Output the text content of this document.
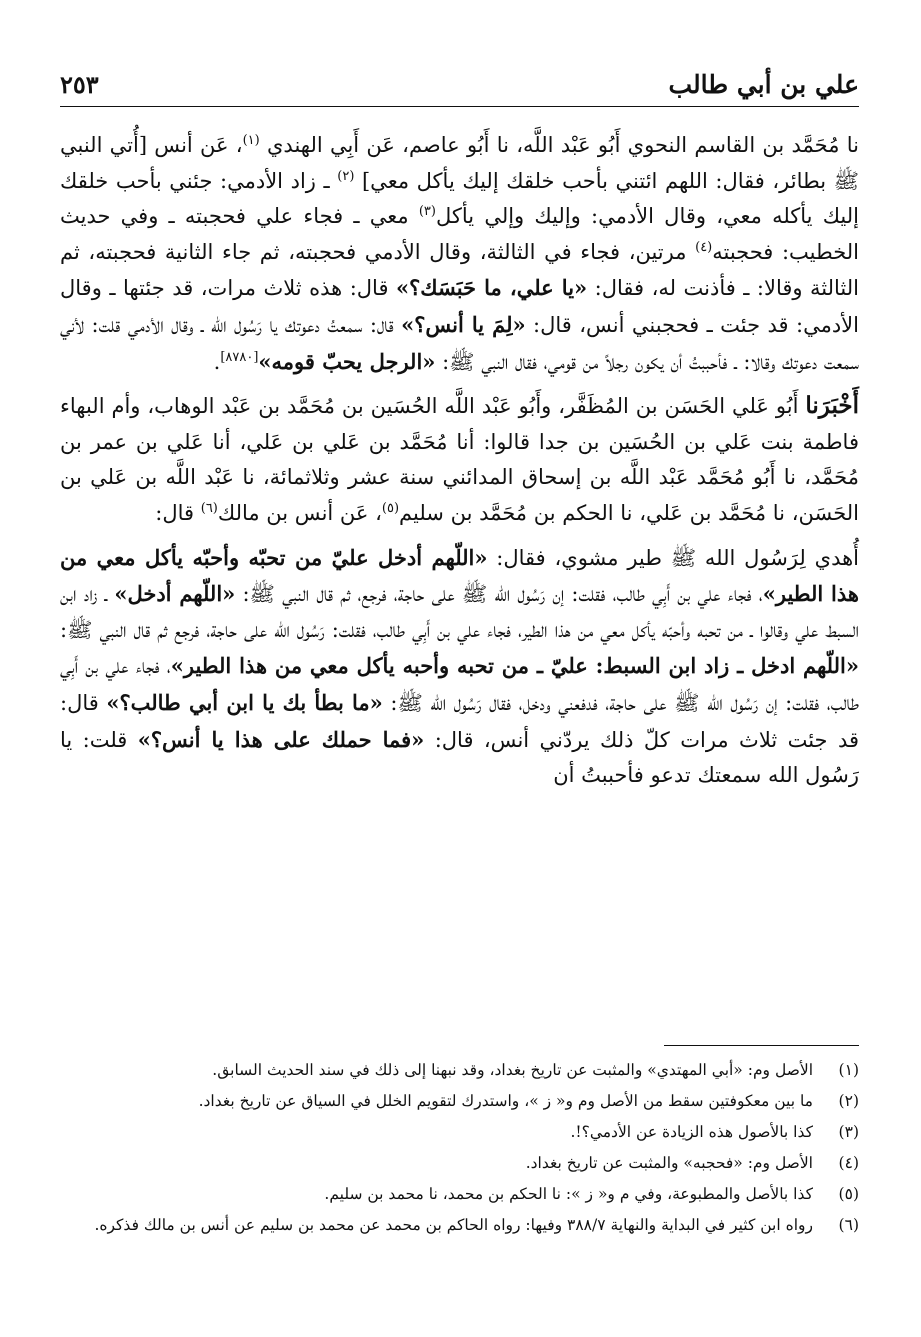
٢٥٣	علي بن أبي طالب

نا مُحَمَّد بن القاسم النحوي أَبُو عَبْد اللَّه، نا أَبُو عاصم، عَن أَبِي الهندي $^{(١)}$، عَن أنس [أُتي النبي ﷺ بطائر، فقال: اللهم ائتني بأحب خلقك إليك يأكل معي] $^{(٢)}$ ـ زاد الأدمي: جئني بأحب خلقك إليك يأكله معي، وقال الأدمي: وإليك وإلي يأكل$^{(٣)}$ معي ـ فجاء علي فحجبته ـ وفي حديث الخطيب: فحجبته$^{(٤)}$ مرتين، فجاء في الثالثة، وقال الأدمي فحجبته، ثم جاء الثانية فحجبته، ثم الثالثة وقالا: ـ فأذنت له، فقال: «يا علي، ما حَبَسَك؟» قال: هذه ثلاث مرات، قد جئتها ـ وقال الأدمي: قد جئت ـ فحجبني أنس، قال: «لِمَ يا أنس؟» قال: سمعتُ دعوتك يا رَسُول الله ـ وقال الأدمي قلت: لأني سمعت دعوتك وقالا: ـ فأحببتُ أن يكون رجلاً من قومي، فقال النبي ﷺ: «الرجل يحبّ قومه»[٨٧٨٠].

أَخْبَرَنا أَبُو عَلي الحَسَن بن المُظَفَّر، وأَبُو عَبْد اللَّه الحُسَين بن مُحَمَّد بن عَبْد الوهاب، وأم البهاء فاطمة بنت عَلي بن الحُسَين بن جدا قالوا: أنا مُحَمَّد بن عَلي بن عَلي، أنا عَلي بن عمر بن مُحَمَّد، نا أَبُو مُحَمَّد عَبْد اللَّه بن إسحاق المدائني سنة عشر وثلاثمائة، نا عَبْد اللَّه بن عَلي بن الحَسَن، نا مُحَمَّد بن عَلي، نا الحكم بن مُحَمَّد بن سليم$^{(٥)}$، عَن أنس بن مالك$^{(٦)}$ قال:

أُهدي لِرَسُول الله ﷺ طير مشوي، فقال: «اللّهم أدخل عليّ من تحبّه وأحبّه يأكل معي من هذا الطير»، فجاء علي بن أَبِي طالب، فقلت: إن رَسُول الله ﷺ على حاجة، فرجع، ثم قال النبي ﷺ: «اللّهم أدخل» ـ زاد ابن السبط علي وقالوا ـ من تحبه وأحبّه يأكل معي من هذا الطير، فجاء علي بن أَبِي طالب، فقلت: رَسُول الله على حاجة، فرجع ثم قال النبي ﷺ: «اللّهم ادخل ـ زاد ابن السبط: عليّ ـ من تحبه وأحبه يأكل معي من هذا الطير»، فجاء علي بن أَبِي طالب، فقلت: إن رَسُول الله ﷺ على حاجة، فدفعني ودخل، فقال رَسُول الله ﷺ: «ما بطأ بك يا ابن أبي طالب؟» قال: قد جئت ثلاث مرات كلّ ذلك يردّني أنس، قال: «فما حملك على هذا يا أنس؟» قلت: يا رَسُول الله سمعتك تدعو فأحببتُ أن

(١)
الأصل وم: «أبي المهتدي» والمثبت عن تاريخ بغداد، وقد نبهنا إلى ذلك في سند الحديث السابق.
(٢)
ما بين معكوفتين سقط من الأصل وم و« ز »، واستدرك لتقويم الخلل في السياق عن تاريخ بغداد.
(٣)
كذا بالأصول هذه الزيادة عن الأدمي؟!.
(٤)
الأصل وم: «فحجبه» والمثبت عن تاريخ بغداد.
(٥)
كذا بالأصل والمطبوعة، وفي م و« ز »: نا الحكم بن محمد، نا محمد بن سليم.
(٦)
رواه ابن كثير في البداية والنهاية ٣٨٨/٧ وفيها: رواه الحاكم بن محمد عن محمد بن سليم عن أنس بن مالك فذكره.
